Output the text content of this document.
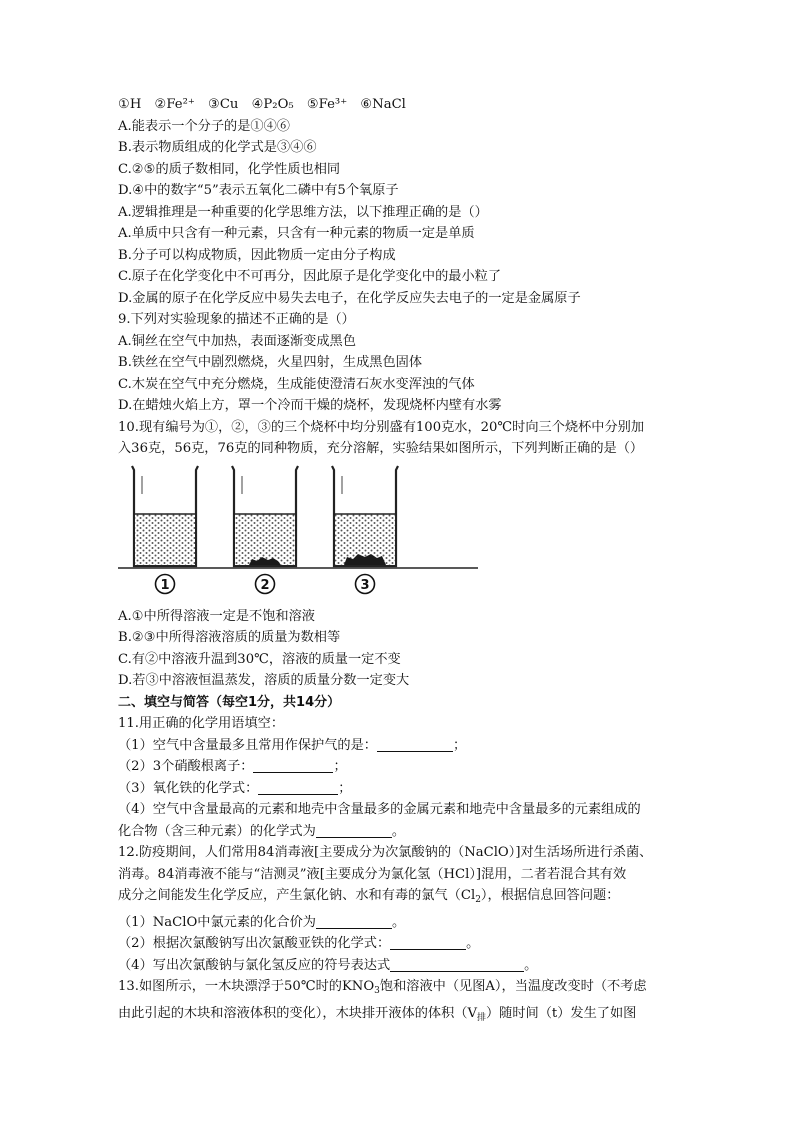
①H　②Fe²⁺　③Cu　④P₂O₅　⑤Fe³⁺　⑥NaCl
A.能表示一个分子的是①④⑥
B.表示物质组成的化学式是③④⑥
C.②⑤的质子数相同，化学性质也相同
D.④中的数字“5”表示五氧化二磷中有5个氧原子
A.逻辑推理是一种重要的化学思维方法，以下推理正确的是（）
A.单质中只含有一种元素，只含有一种元素的物质一定是单质
B.分子可以构成物质，因此物质一定由分子构成
C.原子在化学变化中不可再分，因此原子是化学变化中的最小粒了
D.金属的原子在化学反应中易失去电子，在化学反应失去电子的一定是金属原子
9.下列对实验现象的描述不正确的是（）
A.铜丝在空气中加热，表面逐渐变成黑色
B.铁丝在空气中剧烈燃烧，火星四射，生成黑色固体
C.木炭在空气中充分燃烧，生成能使澄清石灰水变浑浊的气体
D.在蜡烛火焰上方，罩一个冷而干燥的烧杯，发现烧杯内壁有水雾
10.现有编号为①，②，③的三个烧杯中均分别盛有100克水，20℃时向三个烧杯中分别加
入36克，56克，76克的同种物质，充分溶解，实验结果如图所示，下列判断正确的是（）
1	2	3
A.①中所得溶液一定是不饱和溶液
B.②③中所得溶液溶质的质量为数相等
C.有②中溶液升温到30℃，溶液的质量一定不变
D.若③中溶液恒温蒸发，溶质的质量分数一定变大
二、填空与简答（每空1分，共14分）
11.用正确的化学用语填空：
（1）空气中含量最多且常用作保护气的是：	；
（2）3个硝酸根离子：	；
（3）氧化铁的化学式：	；
（4）空气中含量最高的元素和地壳中含量最多的金属元素和地壳中含量最多的元素组成的
化合物（含三种元素）的化学式为	。
12.防疫期间，人们常用84消毒液[主要成分为次氯酸钠的（NaClO）]对生活场所进行杀菌、
消毒。84消毒液不能与“洁测灵”液[主要成分为氯化氢（HCl）]混用，二者若混合其有效
成分之间能发生化学反应，产生氯化钠、水和有毒的氯气$(Cl_2)$，根据信息回答问题：
（1）NaClO中氯元素的化合价为	。
（2）根据次氯酸钠写出次氯酸亚铁的化学式：	。
（4）写出次氯酸钠与氯化氢反应的符号表达式	。
13.如图所示，一木块漂浮于50℃时的$KNO_3$饱和溶液中（见图A），当温度改变时（不考虑
由此引起的木块和溶液体积的变化），木块排开液体的体积$(V_排)$随时间（t）发生了如图
